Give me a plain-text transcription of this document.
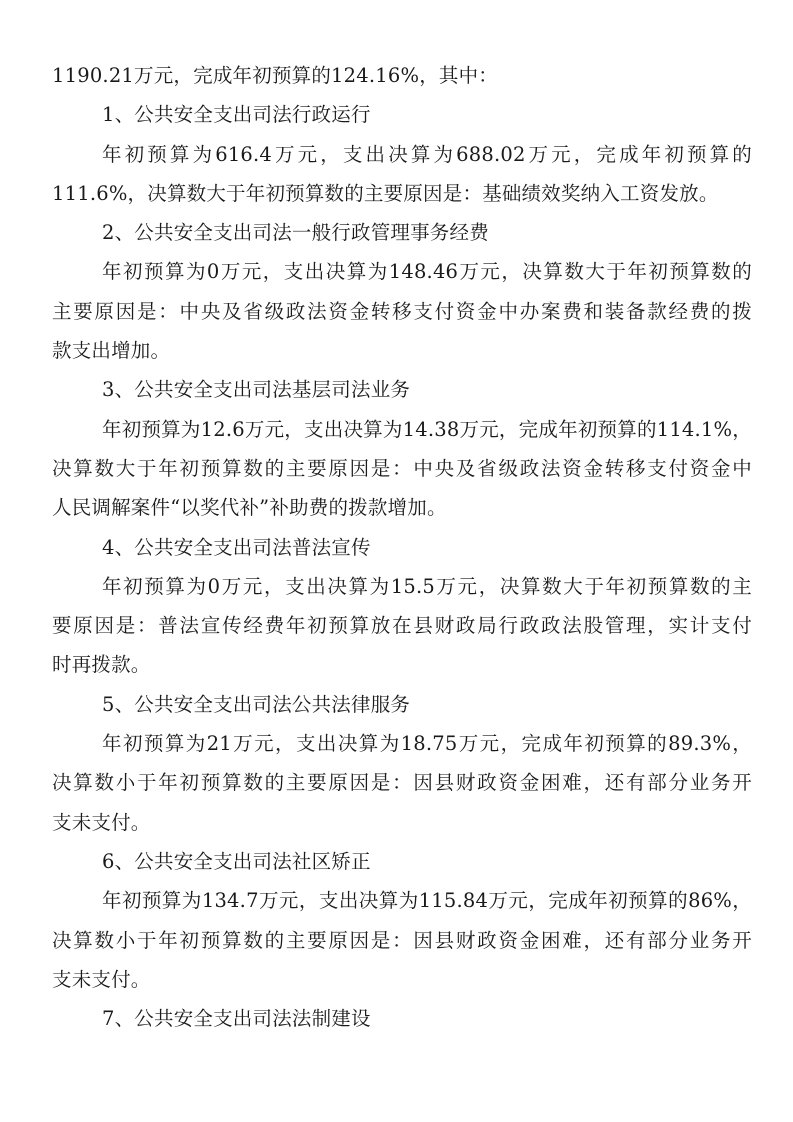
1190.21万元，完成年初预算的124.16%，其中：
1、公共安全支出司法行政运行
年初预算为616.4万元，支出决算为688.02万元，完成年初预算的
111.6%，决算数大于年初预算数的主要原因是：基础绩效奖纳入工资发放。
2、公共安全支出司法一般行政管理事务经费
年初预算为0万元，支出决算为148.46万元，决算数大于年初预算数的
主要原因是：中央及省级政法资金转移支付资金中办案费和装备款经费的拨
款支出增加。
3、公共安全支出司法基层司法业务
年初预算为12.6万元，支出决算为14.38万元，完成年初预算的114.1%，
决算数大于年初预算数的主要原因是：中央及省级政法资金转移支付资金中
人民调解案件“以奖代补”补助费的拨款增加。
4、公共安全支出司法普法宣传
年初预算为0万元，支出决算为15.5万元，决算数大于年初预算数的主
要原因是：普法宣传经费年初预算放在县财政局行政政法股管理，实计支付
时再拨款。
5、公共安全支出司法公共法律服务
年初预算为21万元，支出决算为18.75万元，完成年初预算的89.3%，
决算数小于年初预算数的主要原因是：因县财政资金困难，还有部分业务开
支未支付。
6、公共安全支出司法社区矫正
年初预算为134.7万元，支出决算为115.84万元，完成年初预算的86%，
决算数小于年初预算数的主要原因是：因县财政资金困难，还有部分业务开
支未支付。
7、公共安全支出司法法制建设
